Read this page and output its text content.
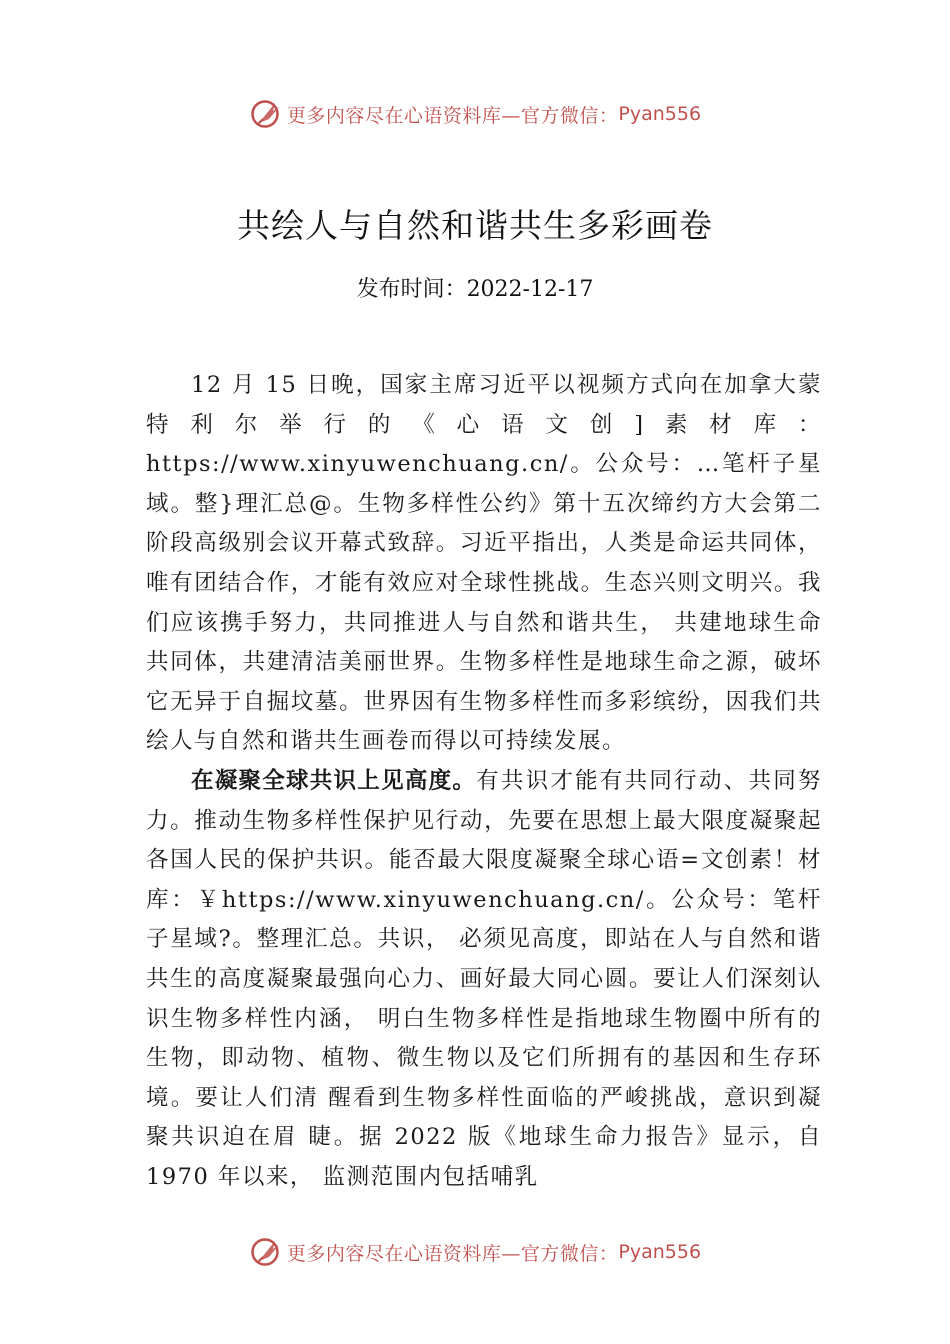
更多内容尽在心语资料库—官方微信： Pyan556
共绘人与自然和谐共生多彩画卷
发布时间：2022-12-17

12 月 15 日晚，国家主席习近平以视频方式向在加拿大蒙特利尔举行的《心语文创]素材库：https://www.xinyuwenchuang.cn/。公众号：…笔杆子星域。整}理汇总@。生物多样性公约》第十五次缔约方大会第二阶段高级别会议开幕式致辞。习近平指出，人类是命运共同体，唯有团结合作，才能有效应对全球性挑战。生态兴则文明兴。我们应该携手努力，共同推进人与自然和谐共生， 共建地球生命共同体，共建清洁美丽世界。生物多样性是地球生命之源，破坏它无异于自掘坟墓。世界因有生物多样性而多彩缤纷，因我们共绘人与自然和谐共生画卷而得以可持续发展。

在凝聚全球共识上见高度。有共识才能有共同行动、共同努力。推动生物多样性保护见行动，先要在思想上最大限度凝聚起各国人民的保护共识。能否最大限度凝聚全球心语=文创素！材库：￥https://www.xinyuwenchuang.cn/。公众号：笔杆子星域?。整理汇总。共识， 必须见高度，即站在人与自然和谐共生的高度凝聚最强向心力、画好最大同心圆。要让人们深刻认识生物多样性内涵， 明白生物多样性是指地球生物圈中所有的生物，即动物、植物、微生物以及它们所拥有的基因和生存环境。要让人们清 醒看到生物多样性面临的严峻挑战，意识到凝聚共识迫在眉 睫。据 2022 版《地球生命力报告》显示，自 1970 年以来， 监测范围内包括哺乳

更多内容尽在心语资料库—官方微信： Pyan556
